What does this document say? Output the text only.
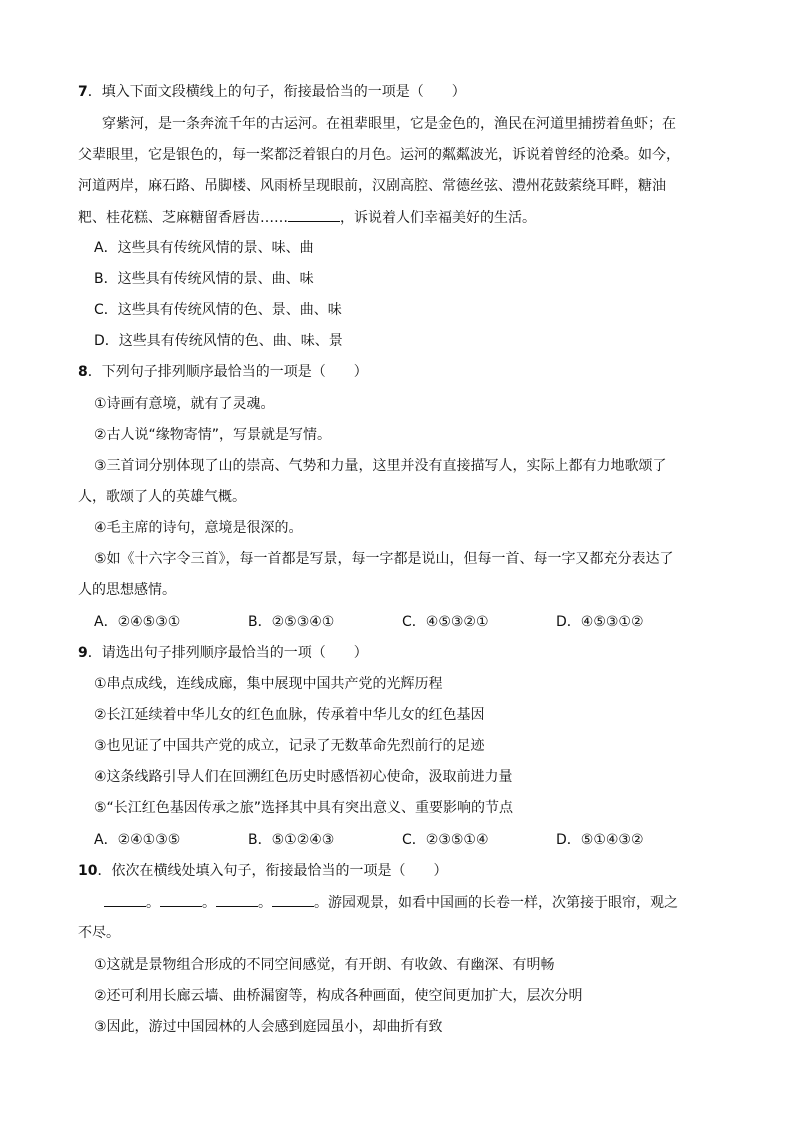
7．填入下面文段横线上的句子，衔接最恰当的一项是（　　）
穿紫河，是一条奔流千年的古运河。在祖辈眼里，它是金色的，渔民在河道里捕捞着鱼虾；在
父辈眼里，它是银色的，每一桨都泛着银白的月色。运河的粼粼波光，诉说着曾经的沧桑。如今，
河道两岸，麻石路、吊脚楼、风雨桥呈现眼前，汉剧高腔、常德丝弦、澧州花鼓萦绕耳畔，糖油
粑、桂花糕、芝麻糖留香唇齿……	，诉说着人们幸福美好的生活。
A．这些具有传统风情的景、味、曲
B．这些具有传统风情的景、曲、味
C．这些具有传统风情的色、景、曲、味
D．这些具有传统风情的色、曲、味、景
8．下列句子排列顺序最恰当的一项是（　　）
①诗画有意境，就有了灵魂。
②古人说“缘物寄情”，写景就是写情。
③三首词分别体现了山的崇高、气势和力量，这里并没有直接描写人，实际上都有力地歌颂了
人，歌颂了人的英雄气概。
④毛主席的诗句，意境是很深的。
⑤如《十六字令三首》，每一首都是写景，每一字都是说山，但每一首、每一字又都充分表达了
人的思想感情。
A．②④⑤③①	B．②⑤③④①	C．④⑤③②①	D．④⑤③①②
9．请选出句子排列顺序最恰当的一项（　　）
①串点成线，连线成廊，集中展现中国共产党的光辉历程
②长江延续着中华儿女的红色血脉，传承着中华儿女的红色基因
③也见证了中国共产党的成立，记录了无数革命先烈前行的足迹
④这条线路引导人们在回溯红色历史时感悟初心使命，汲取前进力量
⑤“长江红色基因传承之旅”选择其中具有突出意义、重要影响的节点
A．②④①③⑤	B．⑤①②④③	C．②③⑤①④	D．⑤①④③②
10．依次在横线处填入句子，衔接最恰当的一项是（　　）
。	。	。	。游园观景，如看中国画的长卷一样，次第接于眼帘，观之
不尽。
①这就是景物组合形成的不同空间感觉，有开朗、有收敛、有幽深、有明畅
②还可利用长廊云墙、曲桥漏窗等，构成各种画面，使空间更加扩大，层次分明
③因此，游过中国园林的人会感到庭园虽小，却曲折有致
